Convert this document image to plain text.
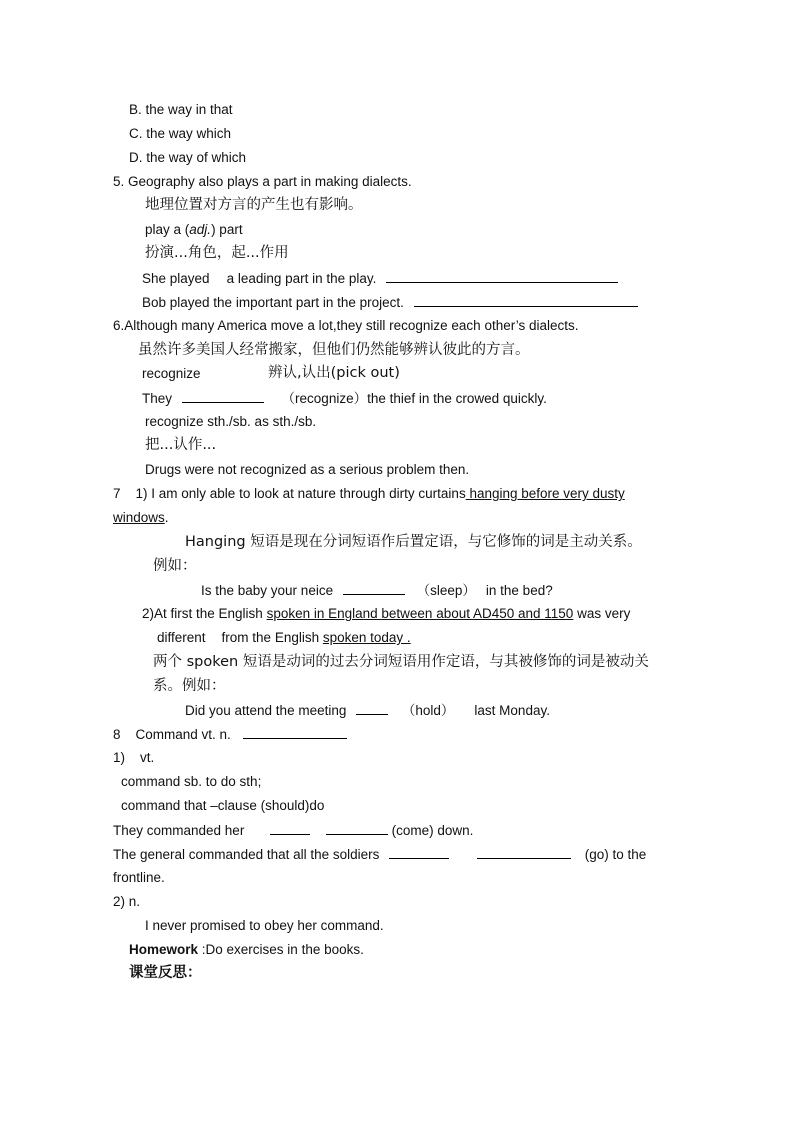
B. the way in that
C. the way which
D. the way of which
5. Geography also plays a part in making dialects.
地理位置对方言的产生也有影响。
play a (adj.) part
扮演...角色，起...作用
She played a leading part in the play.
Bob played the important part in the project.
6.Although many America move a lot,they still recognize each other’s dialects.
虽然许多美国人经常搬家，但他们仍然能够辨认彼此的方言。
recognize	辨认,认出(pick out)
They	（recognize）the thief in the crowed quickly.
recognize sth./sb. as sth./sb.
把...认作...
Drugs were not recognized as a serious problem then.
7 1) I am only able to look at nature through dirty curtains hanging before very dusty
windows.
Hanging 短语是现在分词短语作后置定语，与它修饰的词是主动关系。
例如：
Is the baby your neice	（sleep） in the bed?
2)At first the English spoken in England between about AD450 and 1150 was very
different from the English spoken today .
两个 spoken 短语是动词的过去分词短语用作定语，与其被修饰的词是被动关
系。例如：
Did you attend the meeting	（hold） last Monday.
8    Command vt. n.
1)    vt.
command sb. to do sth;
command that –clause (should)do
They commanded her	(come) down.
The general commanded that all the soldiers	(go) to the
frontline.
2) n.
I never promised to obey her command.
Homework :Do exercises in the books.
课堂反思：
